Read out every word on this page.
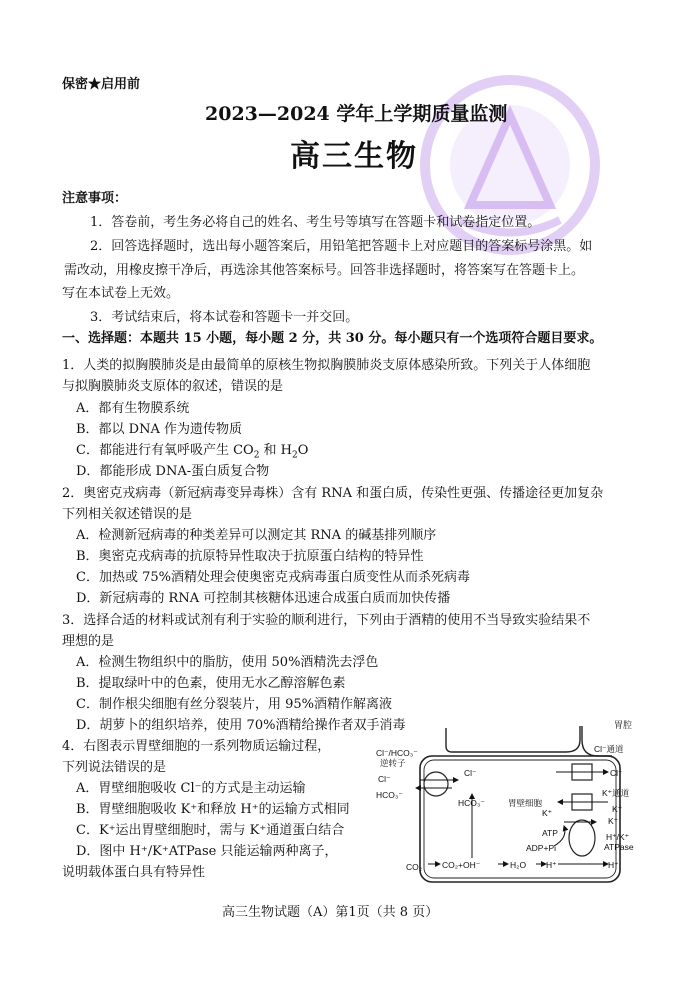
保密★启用前
2023—2024 学年上学期质量监测
高三生物
注意事项：
1．答卷前，考生务必将自己的姓名、考生号等填写在答题卡和试卷指定位置。
2．回答选择题时，选出每小题答案后，用铅笔把答题卡上对应题目的答案标号涂黑。如
需改动，用橡皮擦干净后，再选涂其他答案标号。回答非选择题时，将答案写在答题卡上。
写在本试卷上无效。
3．考试结束后，将本试卷和答题卡一并交回。
一、选择题：本题共 15 小题，每小题 2 分，共 30 分。每小题只有一个选项符合题目要求。
1．人类的拟胸膜肺炎是由最简单的原核生物拟胸膜肺炎支原体感染所致。下列关于人体细胞
与拟胸膜肺炎支原体的叙述，错误的是
A．都有生物膜系统
B．都以 DNA 作为遗传物质
C．都能进行有氧呼吸产生 $CO_2$ 和 $H_2O$
D．都能形成 DNA-蛋白质复合物
2．奥密克戎病毒（新冠病毒变异毒株）含有 RNA 和蛋白质，传染性更强、传播途径更加复杂
下列相关叙述错误的是
A．检测新冠病毒的种类差异可以测定其 RNA 的碱基排列顺序
B．奥密克戎病毒的抗原特异性取决于抗原蛋白结构的特异性
C．加热或 75%酒精处理会使奥密克戎病毒蛋白质变性从而杀死病毒
D．新冠病毒的 RNA 可控制其核糖体迅速合成蛋白质而加快传播
3．选择合适的材料或试剂有利于实验的顺利进行，下列由于酒精的使用不当导致实验结果不
理想的是
A．检测生物组织中的脂肪，使用 50%酒精洗去浮色
B．提取绿叶中的色素，使用无水乙醇溶解色素
C．制作根尖细胞有丝分裂装片，用 95%酒精作解离液
D．胡萝卜的组织培养，使用 70%酒精给操作者双手消毒
4．右图表示胃壁细胞的一系列物质运输过程，
下列说法错误的是
A．胃壁细胞吸收 Cl⁻的方式是主动运输
B．胃壁细胞吸收 K⁺和释放 H⁺的运输方式相同
C．K⁺运出胃壁细胞时，需与 K⁺通道蛋白结合
D．图中 H⁺/K⁺ATPase 只能运输两种离子，
说明载体蛋白具有特异性
胃腔
Cl⁻通道
Cl⁻/HCO₃⁻
逆转子
Cl⁻
Cl⁻
HCO₃⁻
HCO₃⁻	胃壁细胞
Cl⁻
K⁺通道
K⁺
K⁺
K⁺
ATP
ADP+Pi
H⁺/K⁺
ATPase
H⁺
H⁺
CO₂ CO₂+OH⁻	H₂O
高三生物试题（A）第1页（共 8 页）
